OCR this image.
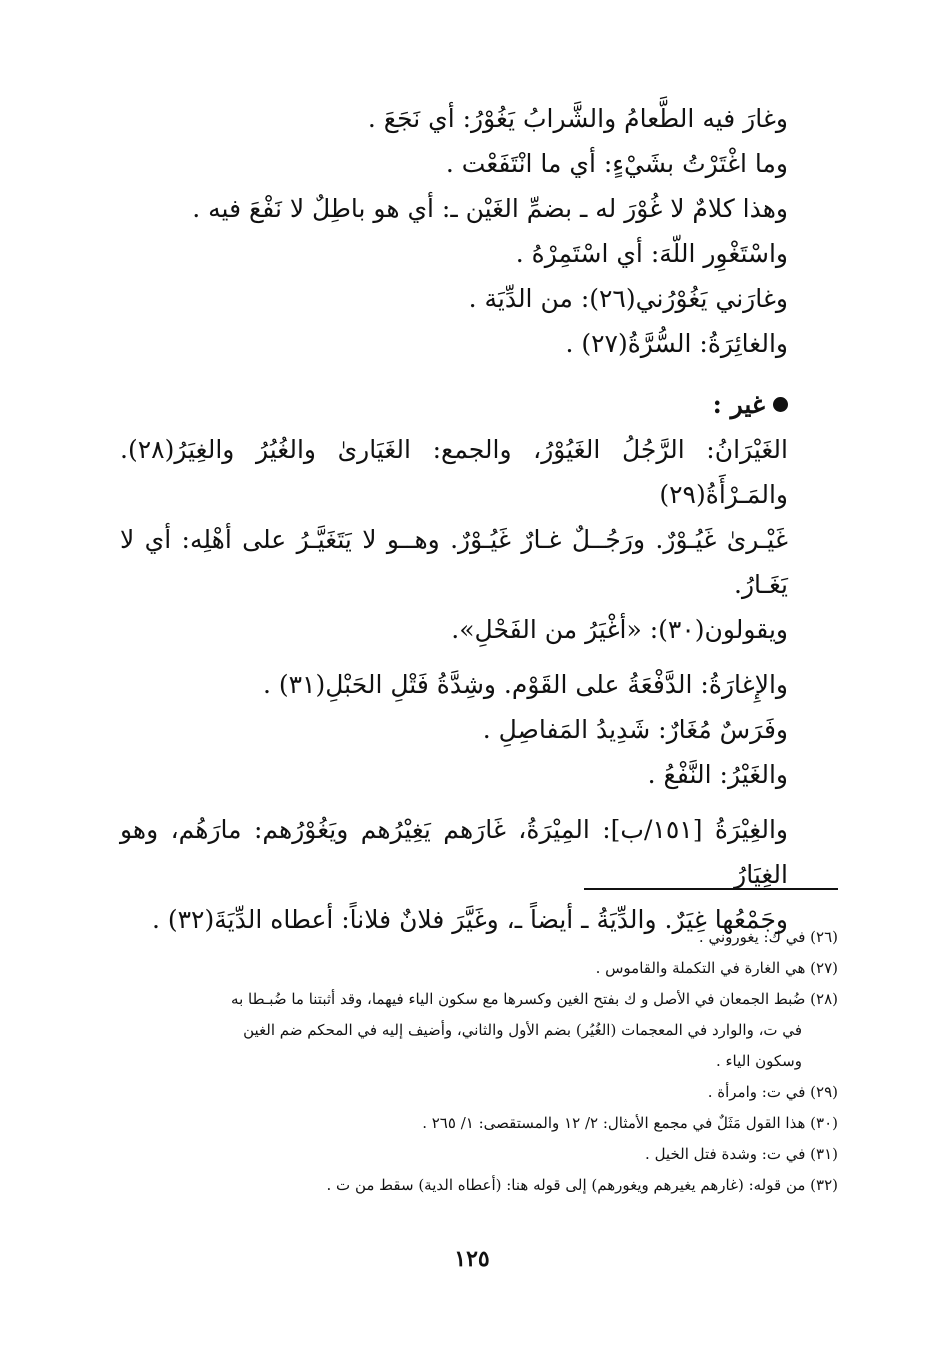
وغارَ فيه الطَّعامُ والشَّرابُ يَغُوْرُ: أي نَجَعَ .
وما اغْتَرْتُ بشَيْءٍ: أي ما انْتَفَعْت .
وهذا كلامٌ لا غُوْرَ له ـ بضمِّ الغَيْن ـ: أي هو باطِلٌ لا نَفْعَ فيه .
واسْتَغْوِر اللّهَ: أي اسْتَمِرْهُ .
وغارَني يَغُوْرُني(٢٦): من الدِّيَة .
والغائِرَةُ: السُّرَّةُ(٢٧) .
غير :
الغَيْرَانُ: الرَّجُلُ الغَيُوْرُ، والجمع: الغَيَارىٰ والغُيُرُ والغِيَرُ(٢٨). والمَـرْأَةُ(٢٩)
غَيْـرىٰ غَيُـوْرٌ. ورَجُــلٌ غـارٌ غَيُـوْرٌ. وهــو لا يَتَغَيَّـرُ على أهْلِه: أي لا يَغَـارُ.
ويقولون(٣٠): «أغْيَرُ من الفَحْلِ».
والإِغارَةُ: الدَّفْعَةُ على القَوْم. وشِدَّةُ فَتْلِ الحَبْلِ(٣١) .
وفَرَسٌ مُغَارٌ: شَدِيدُ المَفاصِلِ .
والغَيْرُ: النَّفْعُ .
والغِيْرَةُ [١٥١/ب]: المِيْرَةُ، غَارَهم يَغِيْرُهم ويَغُوْرُهم: مارَهُم، وهو الغِيَارُ
وجَمْعُها غِيَرٌ. والدِّيَةُ ـ أيضاً ـ، وغَيَّرَ فلانٌ فلاناً: أعطاه الدِّيَةَ(٣٢) .
(٢٦) في ك: يغوروني .
(٢٧) هي الغارة في التكملة والقاموس .
(٢٨) ضُبط الجمعان في الأصل و ك بفتح الغين وكسرها مع سكون الياء فيهما، وقد أثبتنا ما ضُبـطا به
في ت، والوارد في المعجمات (الغُيُر) بضم الأول والثاني، وأضيف إليه في المحكم ضم الغين
وسكون الياء .
(٢٩) في ت: وامرأة .
(٣٠) هذا القول مَثَلٌ في مجمع الأمثال: ٢/ ١٢ والمستقصى: ١/ ٢٦٥ .
(٣١) في ت: وشدة فتل الخيل .
(٣٢) من قوله: (غارهم يغيرهم ويغورهم) إلى قوله هنا: (أعطاه الدية) سقط من ت .
١٢٥
